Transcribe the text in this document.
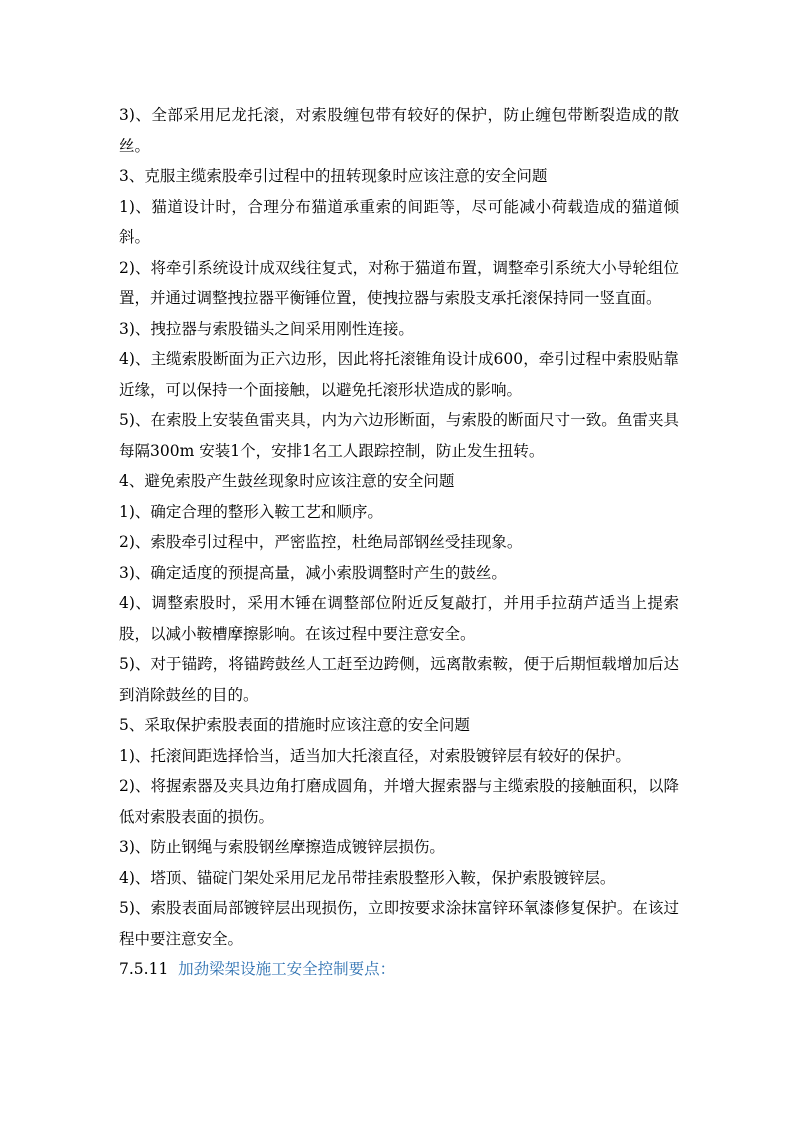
3)、全部采用尼龙托滚，对索股缠包带有较好的保护，防止缠包带断裂造成的散丝。

3、克服主缆索股牵引过程中的扭转现象时应该注意的安全问题

1)、猫道设计时，合理分布猫道承重索的间距等，尽可能减小荷载造成的猫道倾斜。

2)、将牵引系统设计成双线往复式，对称于猫道布置，调整牵引系统大小导轮组位置，并通过调整拽拉器平衡锤位置，使拽拉器与索股支承托滚保持同一竖直面。

3)、拽拉器与索股锚头之间采用刚性连接。

4)、主缆索股断面为正六边形，因此将托滚锥角设计成600，牵引过程中索股贴靠近缘，可以保持一个面接触，以避免托滚形状造成的影响。

5)、在索股上安装鱼雷夹具，内为六边形断面，与索股的断面尺寸一致。鱼雷夹具每隔300m 安装1个，安排1名工人跟踪控制，防止发生扭转。

4、避免索股产生鼓丝现象时应该注意的安全问题

1)、确定合理的整形入鞍工艺和顺序。

2)、索股牵引过程中，严密监控，杜绝局部钢丝受挂现象。

3)、确定适度的预提高量，减小索股调整时产生的鼓丝。

4)、调整索股时，采用木锤在调整部位附近反复敲打，并用手拉葫芦适当上提索股，以减小鞍槽摩擦影响。在该过程中要注意安全。

5)、对于锚跨，将锚跨鼓丝人工赶至边跨侧，远离散索鞍，便于后期恒载增加后达到消除鼓丝的目的。

5、采取保护索股表面的措施时应该注意的安全问题

1)、托滚间距选择恰当，适当加大托滚直径，对索股镀锌层有较好的保护。

2)、将握索器及夹具边角打磨成圆角，并增大握索器与主缆索股的接触面积，以降低对索股表面的损伤。

3)、防止钢绳与索股钢丝摩擦造成镀锌层损伤。

4)、塔顶、锚碇门架处采用尼龙吊带挂索股整形入鞍，保护索股镀锌层。

5)、索股表面局部镀锌层出现损伤，立即按要求涂抹富锌环氧漆修复保护。在该过程中要注意安全。

7.5.11 加劲梁架设施工安全控制要点：
